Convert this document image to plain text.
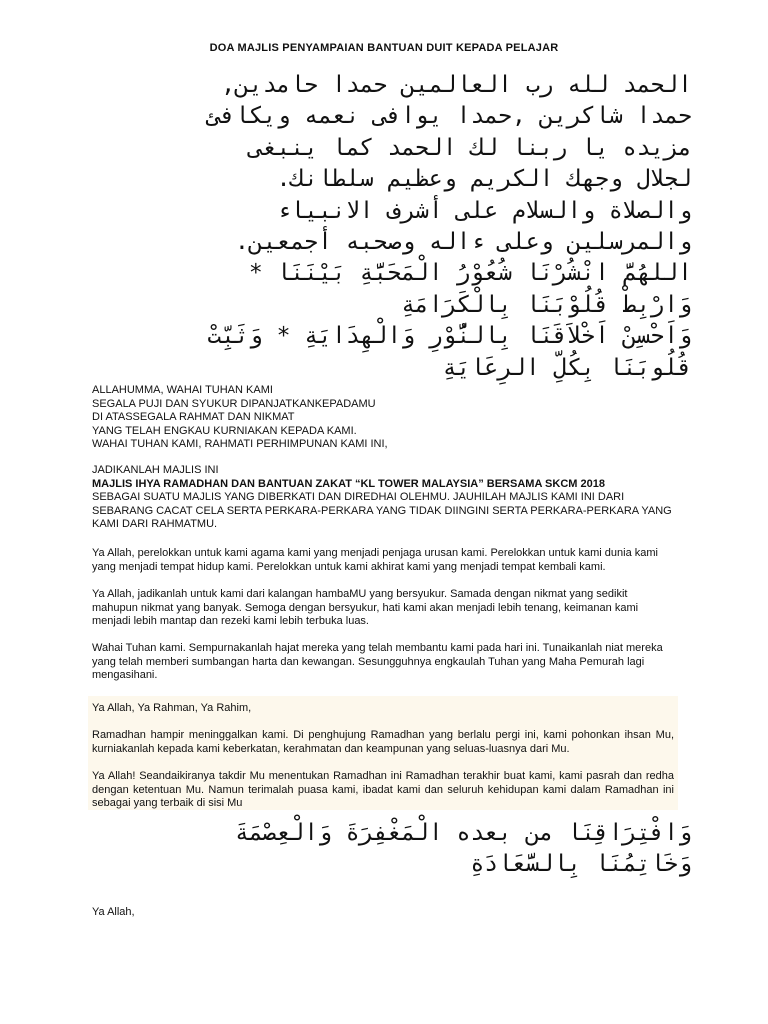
DOA MAJLIS PENYAMPAIAN BANTUAN DUIT KEPADA PELAJAR
الحمد لله رب العالمين حمدا حامدين,
حمدا شاكرين ,حمدا يوافى نعمه ويكافئ
مزيده يا ربنا لك الحمد كما ينبغى
لجلال وجهك الكريم وعظيم سلطانك.
والصلاة والسلام على أشرف الانبياء
والمرسلين وعلى ءاله وصحبه أجمعين.
اللهُمَّ انْشُرْنَا شُعُوْرُ الْمَحَبَّةِ بَيْنَنَا *
وَارْبِطْ قُلُوْبَنَا بِالْكَرَامَةِ
وَاَحْسِنْ اَخْلاَقَنَا بِالنُّوْرِ وَالْهِدَايَةِ * وَثَبِّتْ
قُلُوبَنَا بِكُلِّ الرِعَايَةِ

ALLAHUMMA, WAHAI TUHAN KAMI

SEGALA PUJI DAN SYUKUR DIPANJATKANKEPADAMU

DI ATASSEGALA RAHMAT DAN NIKMAT

YANG TELAH ENGKAU KURNIAKAN KEPADA KAMI.

WAHAI TUHAN KAMI, RAHMATI PERHIMPUNAN KAMI INI,

JADIKANLAH MAJLIS INI

MAJLIS IHYA RAMADHAN DAN BANTUAN ZAKAT “KL TOWER MALAYSIA” BERSAMA SKCM 2018

SEBAGAI SUATU MAJLIS YANG DIBERKATI DAN DIREDHAI OLEHMU. JAUHILAH MAJLIS KAMI INI DARI SEBARANG CACAT CELA SERTA PERKARA-PERKARA YANG TIDAK DIINGINI SERTA PERKARA-PERKARA YANG KAMI DARI RAHMATMU.

Ya Allah, perelokkan untuk kami agama kami yang menjadi penjaga urusan kami. Perelokkan untuk kami dunia kami yang menjadi tempat hidup kami. Perelokkan untuk kami akhirat kami yang menjadi tempat kembali kami.

Ya Allah, jadikanlah untuk kami dari kalangan hambaMU yang bersyukur. Samada dengan nikmat yang sedikit mahupun nikmat yang banyak. Semoga dengan bersyukur, hati kami akan menjadi lebih tenang, keimanan kami menjadi lebih mantap dan rezeki kami lebih terbuka luas.

Wahai Tuhan kami. Sempurnakanlah hajat mereka yang telah membantu kami pada hari ini. Tunaikanlah niat mereka yang telah memberi sumbangan harta dan kewangan. Sesungguhnya engkaulah Tuhan yang Maha Pemurah lagi mengasihani.

Ya Allah, Ya Rahman, Ya Rahim,

Ramadhan hampir meninggalkan kami. Di penghujung Ramadhan yang berlalu pergi ini, kami pohonkan ihsan Mu, kurniakanlah kepada kami keberkatan, kerahmatan dan keampunan yang seluas-luasnya dari Mu.

Ya Allah! Seandaikiranya takdir Mu menentukan Ramadhan ini Ramadhan terakhir buat kami, kami pasrah dan redha dengan ketentuan Mu. Namun terimalah puasa kami, ibadat kami dan seluruh kehidupan kami dalam Ramadhan ini sebagai yang terbaik di sisi Mu

وَافْتِرَاقِنَا من بعده الْمَغْفِرَةَ وَالْعِصْمَةَ
وَخَاتِمُنَا بِالسَّعَادَةِ
Ya Allah,
